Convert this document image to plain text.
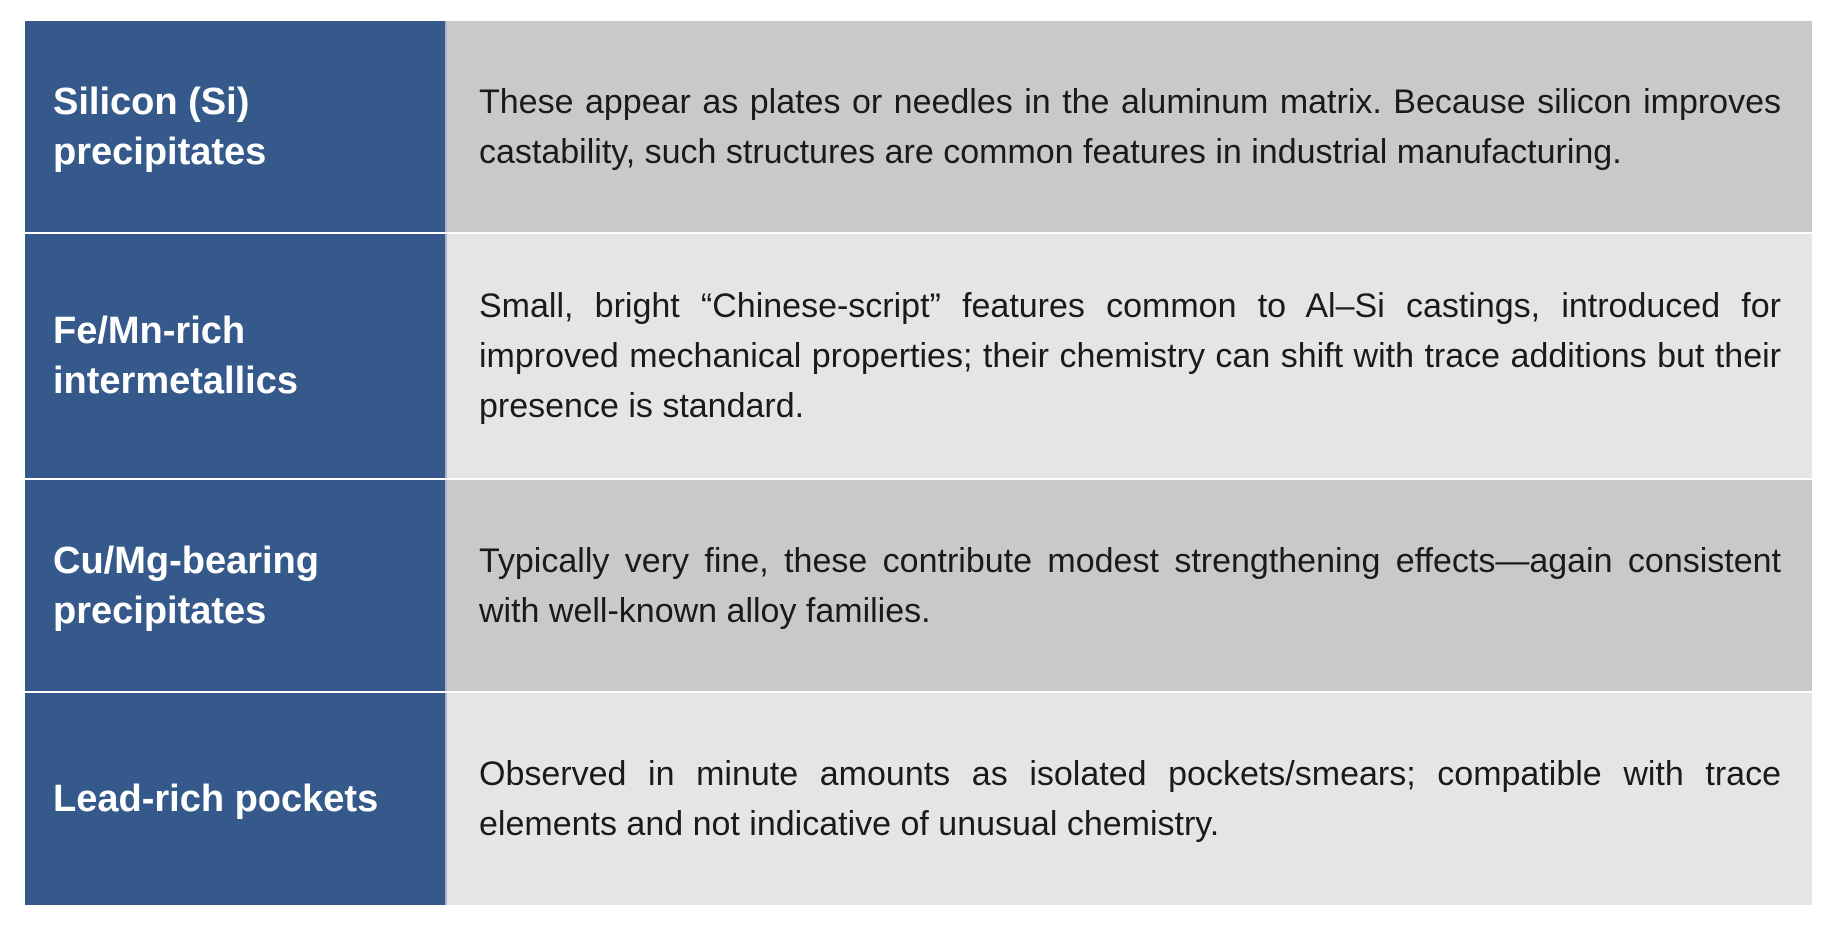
Silicon (Si) precipitates
These appear as plates or needles in the aluminum matrix. Because silicon improves castability, such structures are common features in industrial manufacturing.
Fe/Mn-rich intermetallics
Small, bright “Chinese-script” features common to Al–Si castings, introduced for improved mechanical properties; their chemistry can shift with trace additions but their presence is standard.
Cu/Mg-bearing precipitates
Typically very fine, these contribute modest strengthening effects—again consistent with well-known alloy families.
Lead-rich pockets
Observed in minute amounts as isolated pockets/smears; compatible with trace elements and not indicative of unusual chemistry.
